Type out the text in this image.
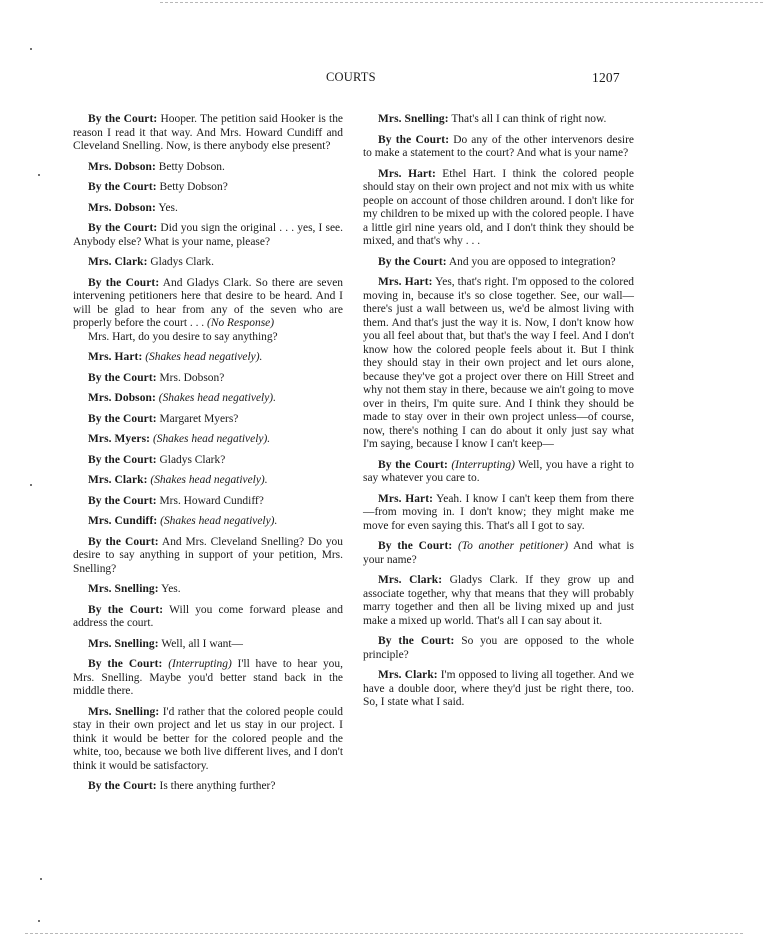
COURTS	1207

By the Court: Hooper. The petition said Hooker is the reason I read it that way. And Mrs. Howard Cundiff and Cleveland Snelling. Now, is there anybody else present?

Mrs. Dobson: Betty Dobson.

By the Court: Betty Dobson?

Mrs. Dobson: Yes.

By the Court: Did you sign the original . . . yes, I see. Anybody else? What is your name, please?

Mrs. Clark: Gladys Clark.

By the Court: And Gladys Clark. So there are seven intervening petitioners here that desire to be heard. And I will be glad to hear from any of the seven who are properly before the court . . . (No Response)

Mrs. Hart, do you desire to say anything?

Mrs. Hart: (Shakes head negatively).

By the Court: Mrs. Dobson?

Mrs. Dobson: (Shakes head negatively).

By the Court: Margaret Myers?

Mrs. Myers: (Shakes head negatively).

By the Court: Gladys Clark?

Mrs. Clark: (Shakes head negatively).

By the Court: Mrs. Howard Cundiff?

Mrs. Cundiff: (Shakes head negatively).

By the Court: And Mrs. Cleveland Snelling? Do you desire to say anything in support of your petition, Mrs. Snelling?

Mrs. Snelling: Yes.

By the Court: Will you come forward please and address the court.

Mrs. Snelling: Well, all I want—

By the Court: (Interrupting) I'll have to hear you, Mrs. Snelling. Maybe you'd better stand back in the middle there.

Mrs. Snelling: I'd rather that the colored people could stay in their own project and let us stay in our project. I think it would be better for the colored people and the white, too, because we both live different lives, and I don't think it would be satisfactory.

By the Court: Is there anything further?

Mrs. Snelling: That's all I can think of right now.

By the Court: Do any of the other intervenors desire to make a statement to the court? And what is your name?

Mrs. Hart: Ethel Hart. I think the colored people should stay on their own project and not mix with us white people on account of those children around. I don't like for my children to be mixed up with the colored people. I have a little girl nine years old, and I don't think they should be mixed, and that's why . . .

By the Court: And you are opposed to integration?

Mrs. Hart: Yes, that's right. I'm opposed to the colored moving in, because it's so close together. See, our wall—there's just a wall between us, we'd be almost living with them. And that's just the way it is. Now, I don't know how you all feel about that, but that's the way I feel. And I don't know how the colored people feels about it. But I think they should stay in their own project and let ours alone, because they've got a project over there on Hill Street and why not them stay in there, because we ain't going to move over in theirs, I'm quite sure. And I think they should be made to stay over in their own project unless—of course, now, there's nothing I can do about it only just say what I'm saying, because I know I can't keep—

By the Court: (Interrupting) Well, you have a right to say whatever you care to.

Mrs. Hart: Yeah. I know I can't keep them from there—from moving in. I don't know; they might make me move for even saying this. That's all I got to say.

By the Court: (To another petitioner) And what is your name?

Mrs. Clark: Gladys Clark. If they grow up and associate together, why that means that they will probably marry together and then all be living mixed up and just make a mixed up world. That's all I can say about it.

By the Court: So you are opposed to the whole principle?

Mrs. Clark: I'm opposed to living all together. And we have a double door, where they'd just be right there, too. So, I state what I said.
